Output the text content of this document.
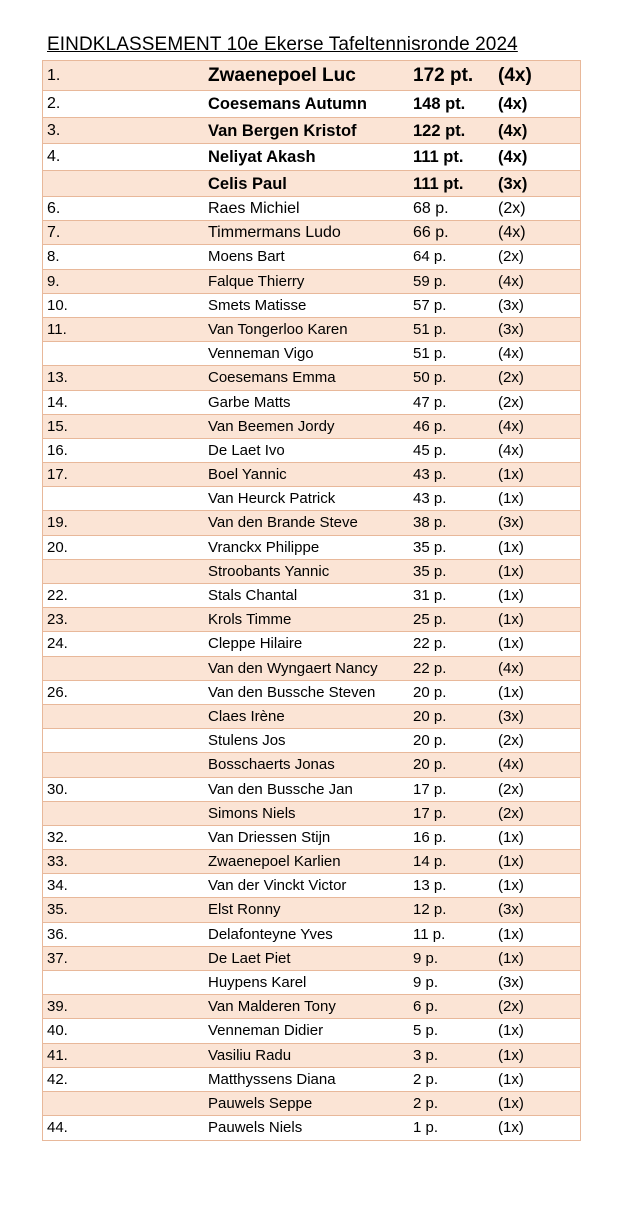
EINDKLASSEMENT 10e Ekerse Tafeltennisronde 2024
1.	Zwaenepoel Luc	172 pt. (4x)
2.	Coesemans Autumn	148 pt. (4x)
3.	Van Bergen Kristof	122 pt. (4x)
4.	Neliyat Akash	111 pt. (4x)
Celis Paul	111 pt. (3x)
6.	Raes Michiel	68 p.	(2x)
7.	Timmermans Ludo	66 p.	(4x)
8.	Moens Bart	64 p.	(2x)
9.	Falque Thierry	59 p.	(4x)
10.	Smets Matisse	57 p.	(3x)
11.	Van Tongerloo Karen	51 p.	(3x)
Venneman Vigo	51 p.	(4x)
13.	Coesemans Emma	50 p.	(2x)
14.	Garbe Matts	47 p.	(2x)
15.	Van Beemen Jordy	46 p.	(4x)
16.	De Laet Ivo	45 p.	(4x)
17.	Boel Yannic	43 p.	(1x)
Van Heurck Patrick	43 p.	(1x)
19.	Van den Brande Steve	38 p.	(3x)
20.	Vranckx Philippe	35 p.	(1x)
Stroobants Yannic	35 p.	(1x)
22.	Stals Chantal	31 p.	(1x)
23.	Krols Timme	25 p.	(1x)
24.	Cleppe Hilaire	22 p.	(1x)
Van den Wyngaert Nancy 22 p.	(4x)
26.	Van den Bussche Steven	20 p.	(1x)
Claes Irène	20 p.	(3x)
Stulens Jos	20 p.	(2x)
Bosschaerts Jonas	20 p.	(4x)
30.	Van den Bussche Jan	17 p.	(2x)
Simons Niels	17 p.	(2x)
32.	Van Driessen Stijn	16 p.	(1x)
33.	Zwaenepoel Karlien	14 p.	(1x)
34.	Van der Vinckt Victor	13 p.	(1x)
35.	Elst Ronny	12 p.	(3x)
36.	Delafonteyne Yves	11 p.	(1x)
37.	De Laet Piet	9 p.	(1x)
Huypens Karel	9 p.	(3x)
39.	Van Malderen Tony	6 p.	(2x)
40.	Venneman Didier	5 p.	(1x)
41.	Vasiliu Radu	3 p.	(1x)
42.	Matthyssens Diana	2 p.	(1x)
Pauwels Seppe	2 p.	(1x)
44.	Pauwels Niels	1 p.	(1x)
